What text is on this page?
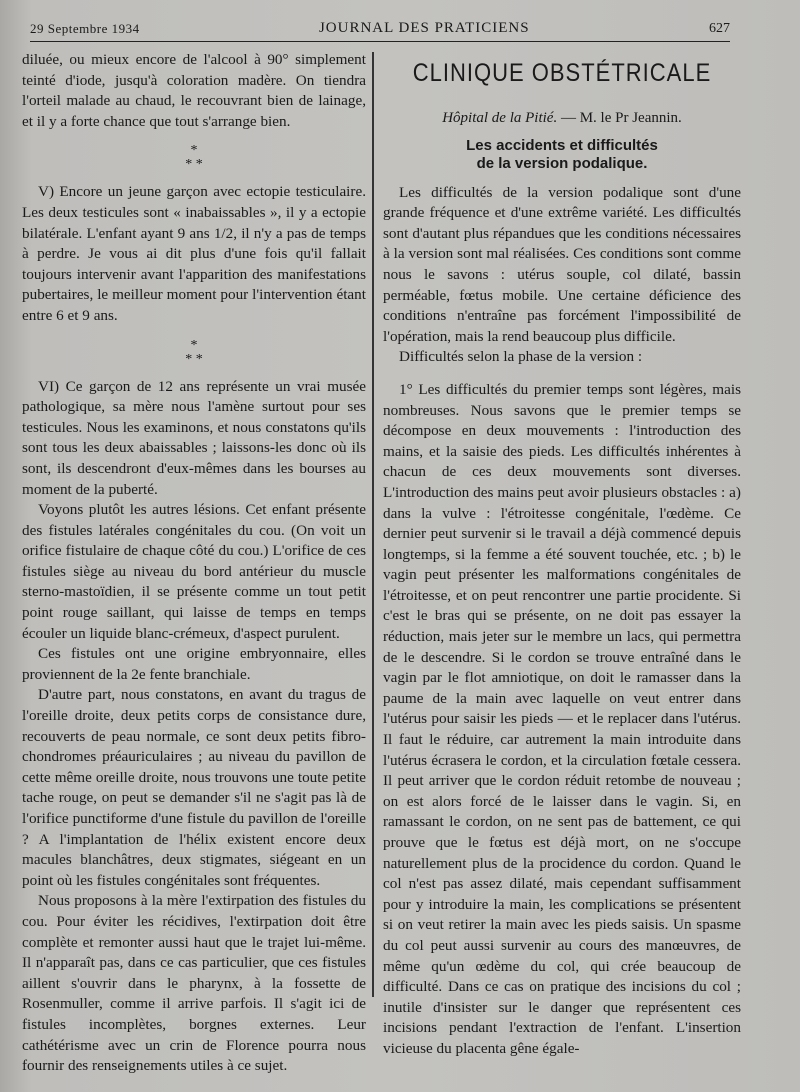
29 Septembre 1934	JOURNAL DES PRATICIENS	627

diluée, ou mieux encore de l'alcool à 90° simplement teinté d'iode, jusqu'à coloration madère. On tiendra l'orteil malade au chaud, le recouvrant bien de lainage, et il y a forte chance que tout s'arrange bien.

*
* *

V) Encore un jeune garçon avec ectopie testiculaire. Les deux testicules sont « inabaissables », il y a ectopie bilatérale. L'enfant ayant 9 ans 1/2, il n'y a pas de temps à perdre. Je vous ai dit plus d'une fois qu'il fallait toujours intervenir avant l'apparition des manifestations pubertaires, le meilleur moment pour l'intervention étant entre 6 et 9 ans.

*
* *

VI) Ce garçon de 12 ans représente un vrai musée pathologique, sa mère nous l'amène surtout pour ses testicules. Nous les examinons, et nous constatons qu'ils sont tous les deux abaissables ; laissons-les donc où ils sont, ils descendront d'eux-mêmes dans les bourses au moment de la puberté.

Voyons plutôt les autres lésions. Cet enfant présente des fistules latérales congénitales du cou. (On voit un orifice fistulaire de chaque côté du cou.) L'orifice de ces fistules siège au niveau du bord antérieur du muscle sterno-mastoïdien, il se présente comme un tout petit point rouge saillant, qui laisse de temps en temps écouler un liquide blanc-crémeux, d'aspect purulent.

Ces fistules ont une origine embryonnaire, elles proviennent de la 2e fente branchiale.

D'autre part, nous constatons, en avant du tragus de l'oreille droite, deux petits corps de consistance dure, recouverts de peau normale, ce sont deux petits fibro-chondromes préauriculaires ; au niveau du pavillon de cette même oreille droite, nous trouvons une toute petite tache rouge, on peut se demander s'il ne s'agit pas là de l'orifice punctiforme d'une fistule du pavillon de l'oreille ? A l'implantation de l'hélix existent encore deux macules blanchâtres, deux stigmates, siégeant en un point où les fistules congénitales sont fréquentes.

Nous proposons à la mère l'extirpation des fistules du cou. Pour éviter les récidives, l'extirpation doit être complète et remonter aussi haut que le trajet lui-même. Il n'apparaît pas, dans ce cas particulier, que ces fistules aillent s'ouvrir dans le pharynx, à la fossette de Rosenmuller, comme il arrive parfois. Il s'agit ici de fistules incomplètes, borgnes externes. Leur cathétérisme avec un crin de Florence pourra nous fournir des renseignements utiles à ce sujet.

CLINIQUE OBSTÉTRICALE
Hôpital de la Pitié. — M. le Pr Jeannin.
Les accidents et difficultés
de la version podalique.

Les difficultés de la version podalique sont d'une grande fréquence et d'une extrême variété. Les difficultés sont d'autant plus répandues que les conditions nécessaires à la version sont mal réalisées. Ces conditions sont comme nous le savons : utérus souple, col dilaté, bassin perméable, fœtus mobile. Une certaine déficience des conditions n'entraîne pas forcément l'impossibilité de l'opération, mais la rend beaucoup plus difficile.

Difficultés selon la phase de la version :

1° Les difficultés du premier temps sont légères, mais nombreuses. Nous savons que le premier temps se décompose en deux mouvements : l'introduction des mains, et la saisie des pieds. Les difficultés inhérentes à chacun de ces deux mouvements sont diverses. L'introduction des mains peut avoir plusieurs obstacles : a) dans la vulve : l'étroitesse congénitale, l'œdème. Ce dernier peut survenir si le travail a déjà commencé depuis longtemps, si la femme a été souvent touchée, etc. ; b) le vagin peut présenter les malformations congénitales de l'étroitesse, et on peut rencontrer une partie procidente. Si c'est le bras qui se présente, on ne doit pas essayer la réduction, mais jeter sur le membre un lacs, qui permettra de le descendre. Si le cordon se trouve entraîné dans le vagin par le flot amniotique, on doit le ramasser dans la paume de la main avec laquelle on veut entrer dans l'utérus pour saisir les pieds — et le replacer dans l'utérus. Il faut le réduire, car autrement la main introduite dans l'utérus écrasera le cordon, et la circulation fœtale cessera. Il peut arriver que le cordon réduit retombe de nouveau ; on est alors forcé de le laisser dans le vagin. Si, en ramassant le cordon, on ne sent pas de battement, ce qui prouve que le fœtus est déjà mort, on ne s'occupe naturellement plus de la procidence du cordon. Quand le col n'est pas assez dilaté, mais cependant suffisamment pour y introduire la main, les complications se présentent si on veut retirer la main avec les pieds saisis. Un spasme du col peut aussi survenir au cours des manœuvres, de même qu'un œdème du col, qui crée beaucoup de difficulté. Dans ce cas on pratique des incisions du col ; inutile d'insister sur le danger que représentent ces incisions pendant l'extraction de l'enfant. L'insertion vicieuse du placenta gêne égale-
